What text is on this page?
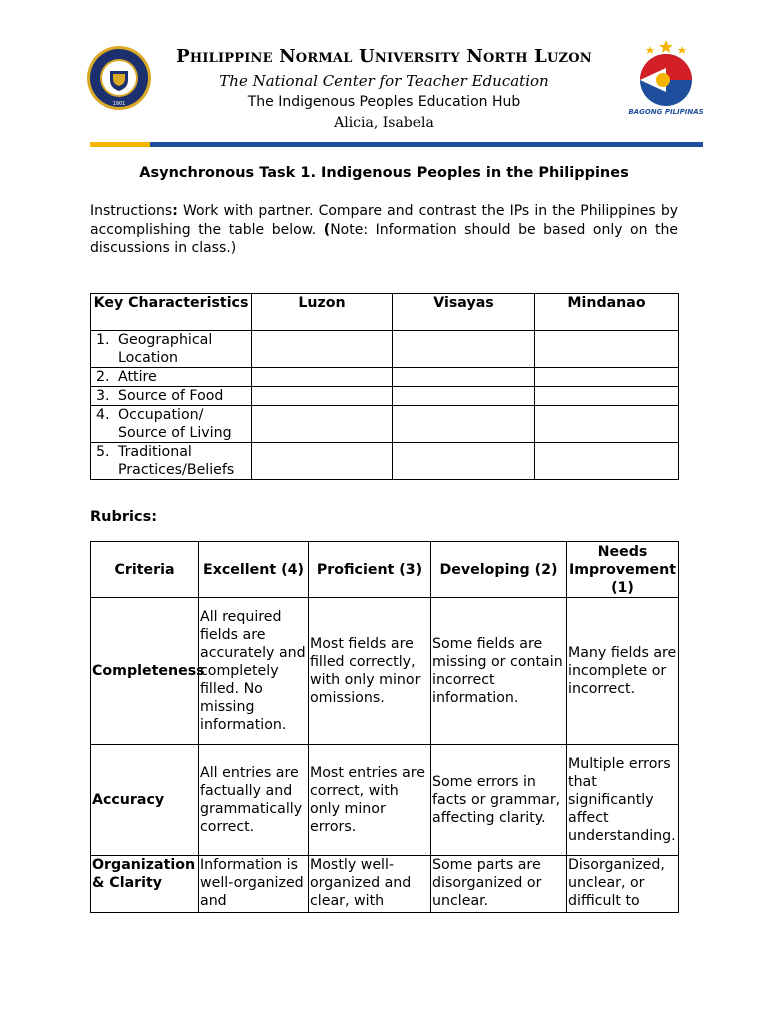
1901
Philippine Normal University North Luzon
The National Center for Teacher Education
The Indigenous Peoples Education Hub
Alicia, Isabela
BAGONG PILIPINAS
Asynchronous Task 1. Indigenous Peoples in the Philippines
Instructions: Work with partner. Compare and contrast the IPs in the Philippines by accomplishing the table below. (Note: Information should be based only on the discussions in class.)
Key Characteristics	Luzon	Visayas	Mindanao
1. Geographical
Location			

2. Attire			
3. Source of Food			
4. Occupation/
Source of Living			

5. Traditional
Practices/Beliefs			

Rubrics:
Criteria	Excellent (4)	Proficient (3)	Developing (2)	Needs Improvement (1)
Completeness	All required fields are accurately and completely filled. No missing information.	Most fields are filled correctly, with only minor omissions.	Some fields are missing or contain incorrect information.	Many fields are incomplete or incorrect.
Accuracy	All entries are factually and grammatically correct.	Most entries are correct, with only minor errors.	Some errors in facts or grammar, affecting clarity.	Multiple errors that significantly affect understanding.
Organization & Clarity	Information is well-organized and	Mostly well-organized and clear, with	Some parts are disorganized or unclear.	Disorganized, unclear, or difficult to
